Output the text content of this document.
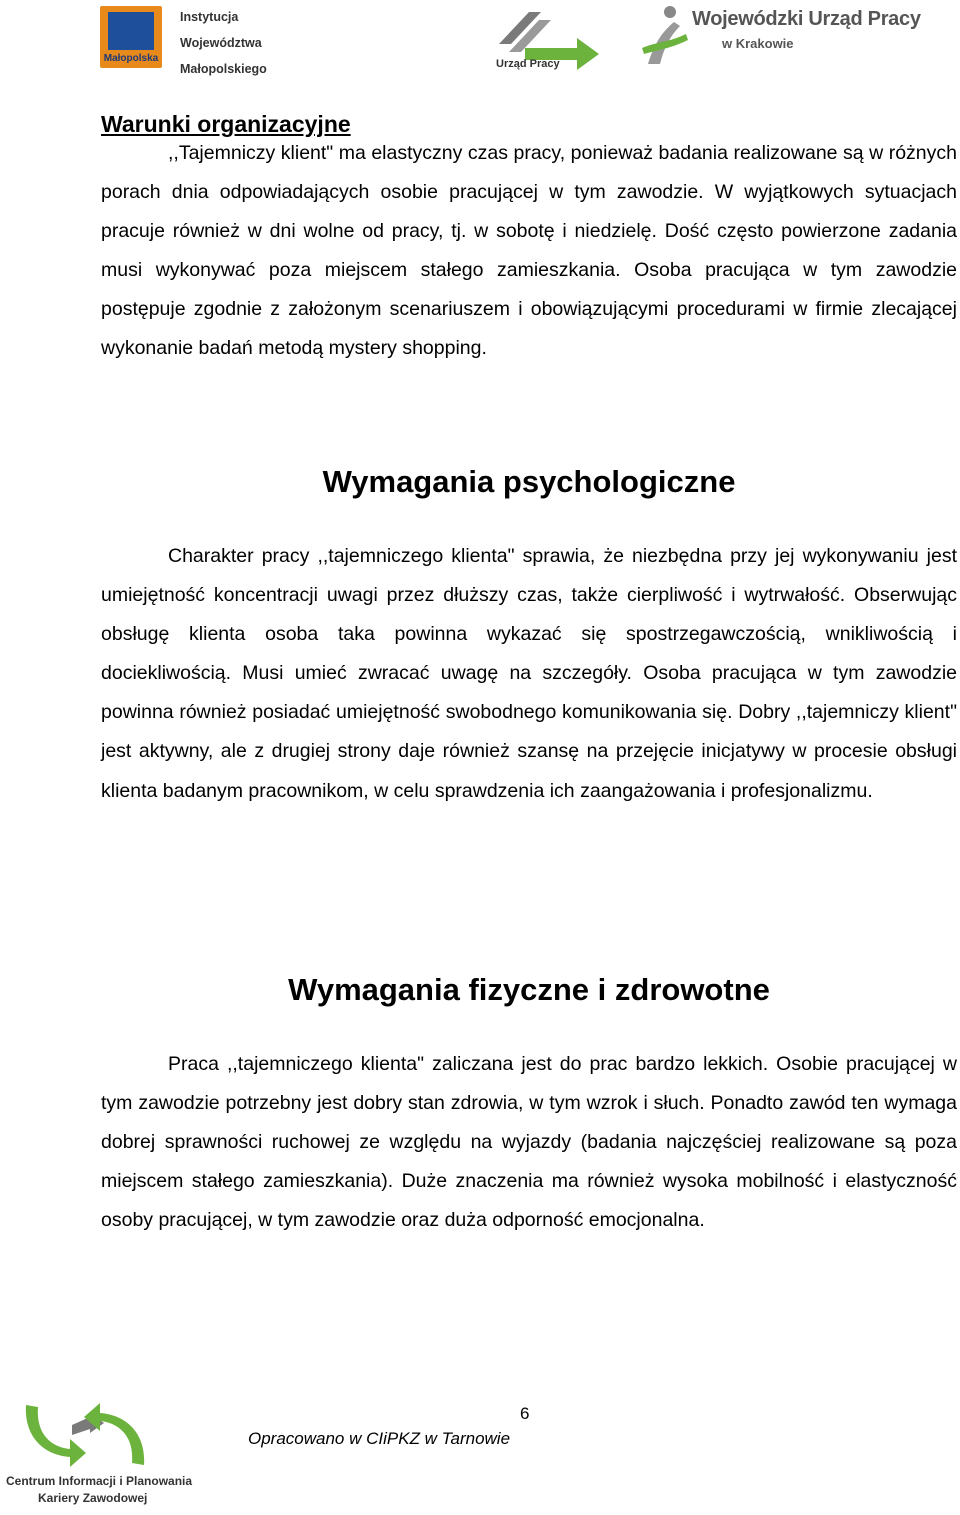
Małopolska
Instytucja
Województwa
Małopolskiego	Urząd Pracy
Wojewódzki Urząd Pracy
w Krakowie
Warunki organizacyjne
,,Tajemniczy klient" ma elastyczny czas pracy, ponieważ badania realizowane są w różnych porach dnia odpowiadających osobie pracującej w tym zawodzie. W wyjątkowych sytuacjach pracuje również w dni wolne od pracy, tj. w sobotę i niedzielę. Dość często powierzone zadania musi wykonywać poza miejscem stałego zamieszkania. Osoba pracująca w tym zawodzie postępuje zgodnie z założonym scenariuszem i obowiązującymi procedurami w firmie zlecającej wykonanie badań metodą mystery shopping.
Wymagania psychologiczne
Charakter pracy ,,tajemniczego klienta" sprawia, że niezbędna przy jej wykonywaniu jest umiejętność koncentracji uwagi przez dłuższy czas, także cierpliwość i wytrwałość. Obserwując obsługę klienta osoba taka powinna wykazać się spostrzegawczością, wnikliwością i dociekliwością. Musi umieć zwracać uwagę na szczegóły. Osoba pracująca w tym zawodzie powinna również posiadać umiejętność swobodnego komunikowania się. Dobry ,,tajemniczy klient" jest aktywny, ale z drugiej strony daje również szansę na przejęcie inicjatywy w procesie obsługi klienta badanym pracownikom, w celu sprawdzenia ich zaangażowania i profesjonalizmu.
Wymagania fizyczne i zdrowotne
Praca ,,tajemniczego klienta" zaliczana jest do prac bardzo lekkich. Osobie pracującej w tym zawodzie potrzebny jest dobry stan zdrowia, w tym wzrok i słuch. Ponadto zawód ten wymaga dobrej sprawności ruchowej ze względu na wyjazdy (badania najczęściej realizowane są poza miejscem stałego zamieszkania). Duże znaczenia ma również wysoka mobilność i elastyczność osoby pracującej, w tym zawodzie oraz duża odporność emocjonalna.
6
Opracowano w CIiPKZ w Tarnowie
Centrum Informacji i Planowania
Kariery Zawodowej
